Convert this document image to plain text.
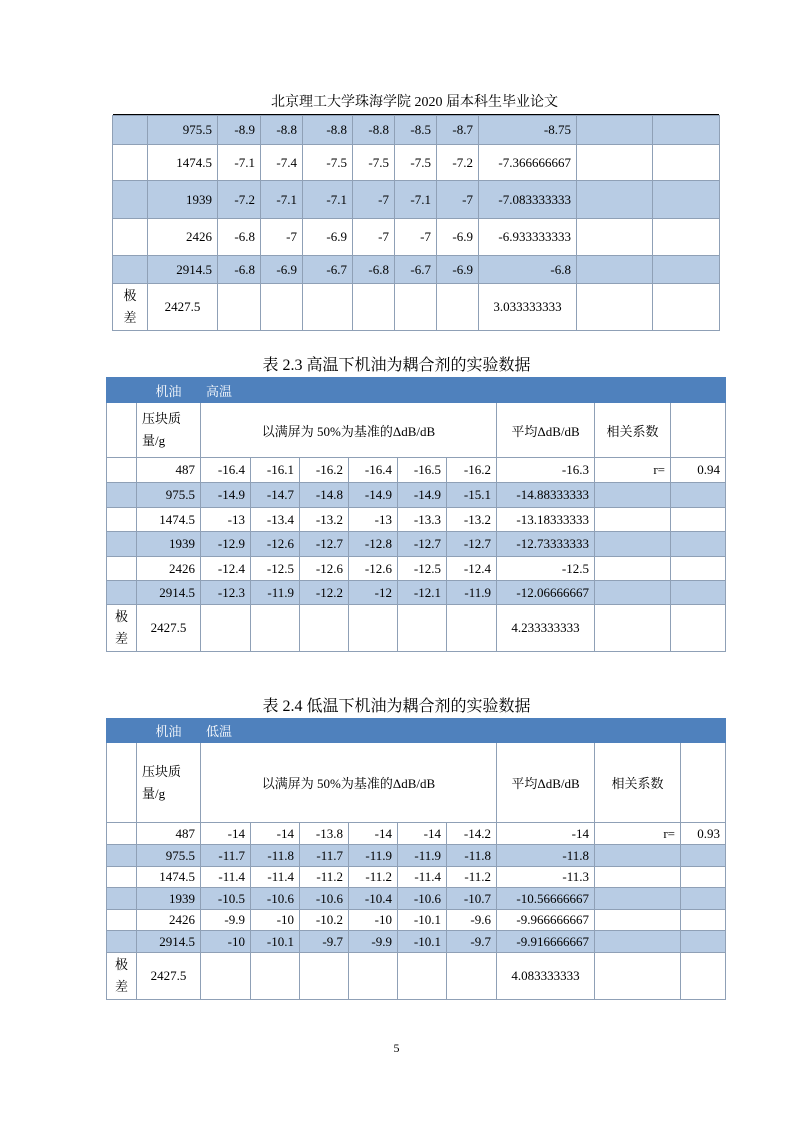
北京理工大学珠海学院 2020 届本科生毕业论文
	975.5	-8.9	-8.8	-8.8	-8.8	-8.5	-8.7	-8.75		
	1474.5	-7.1	-7.4	-7.5	-7.5	-7.5	-7.2	-7.366666667		
	1939	-7.2	-7.1	-7.1	-7	-7.1	-7	-7.083333333		
	2426	-6.8	-7	-6.9	-7	-7	-6.9	-6.933333333		
	2914.5	-6.8	-6.9	-6.7	-6.8	-6.7	-6.9	-6.8		
极差	2427.5							3.033333333		
表 2.3 高温下机油为耦合剂的实验数据
	机油	高温								
	压块质量/g	以满屏为 50%为基准的ΔdB/dB						平均ΔdB/dB	相关系数	
	487	-16.4	-16.1	-16.2	-16.4	-16.5	-16.2	-16.3	r=	0.94
	975.5	-14.9	-14.7	-14.8	-14.9	-14.9	-15.1	-14.88333333		
	1474.5	-13	-13.4	-13.2	-13	-13.3	-13.2	-13.18333333		
	1939	-12.9	-12.6	-12.7	-12.8	-12.7	-12.7	-12.73333333		
	2426	-12.4	-12.5	-12.6	-12.6	-12.5	-12.4	-12.5		
	2914.5	-12.3	-11.9	-12.2	-12	-12.1	-11.9	-12.06666667		
极差	2427.5							4.233333333		
表 2.4 低温下机油为耦合剂的实验数据
	机油	低温								
	压块质量/g	以满屏为 50%为基准的ΔdB/dB						平均ΔdB/dB	相关系数	
	487	-14	-14	-13.8	-14	-14	-14.2	-14	r=	0.93
	975.5	-11.7	-11.8	-11.7	-11.9	-11.9	-11.8	-11.8		
	1474.5	-11.4	-11.4	-11.2	-11.2	-11.4	-11.2	-11.3		
	1939	-10.5	-10.6	-10.6	-10.4	-10.6	-10.7	-10.56666667		
	2426	-9.9	-10	-10.2	-10	-10.1	-9.6	-9.966666667		
	2914.5	-10	-10.1	-9.7	-9.9	-10.1	-9.7	-9.916666667		
极差	2427.5							4.083333333		
5
